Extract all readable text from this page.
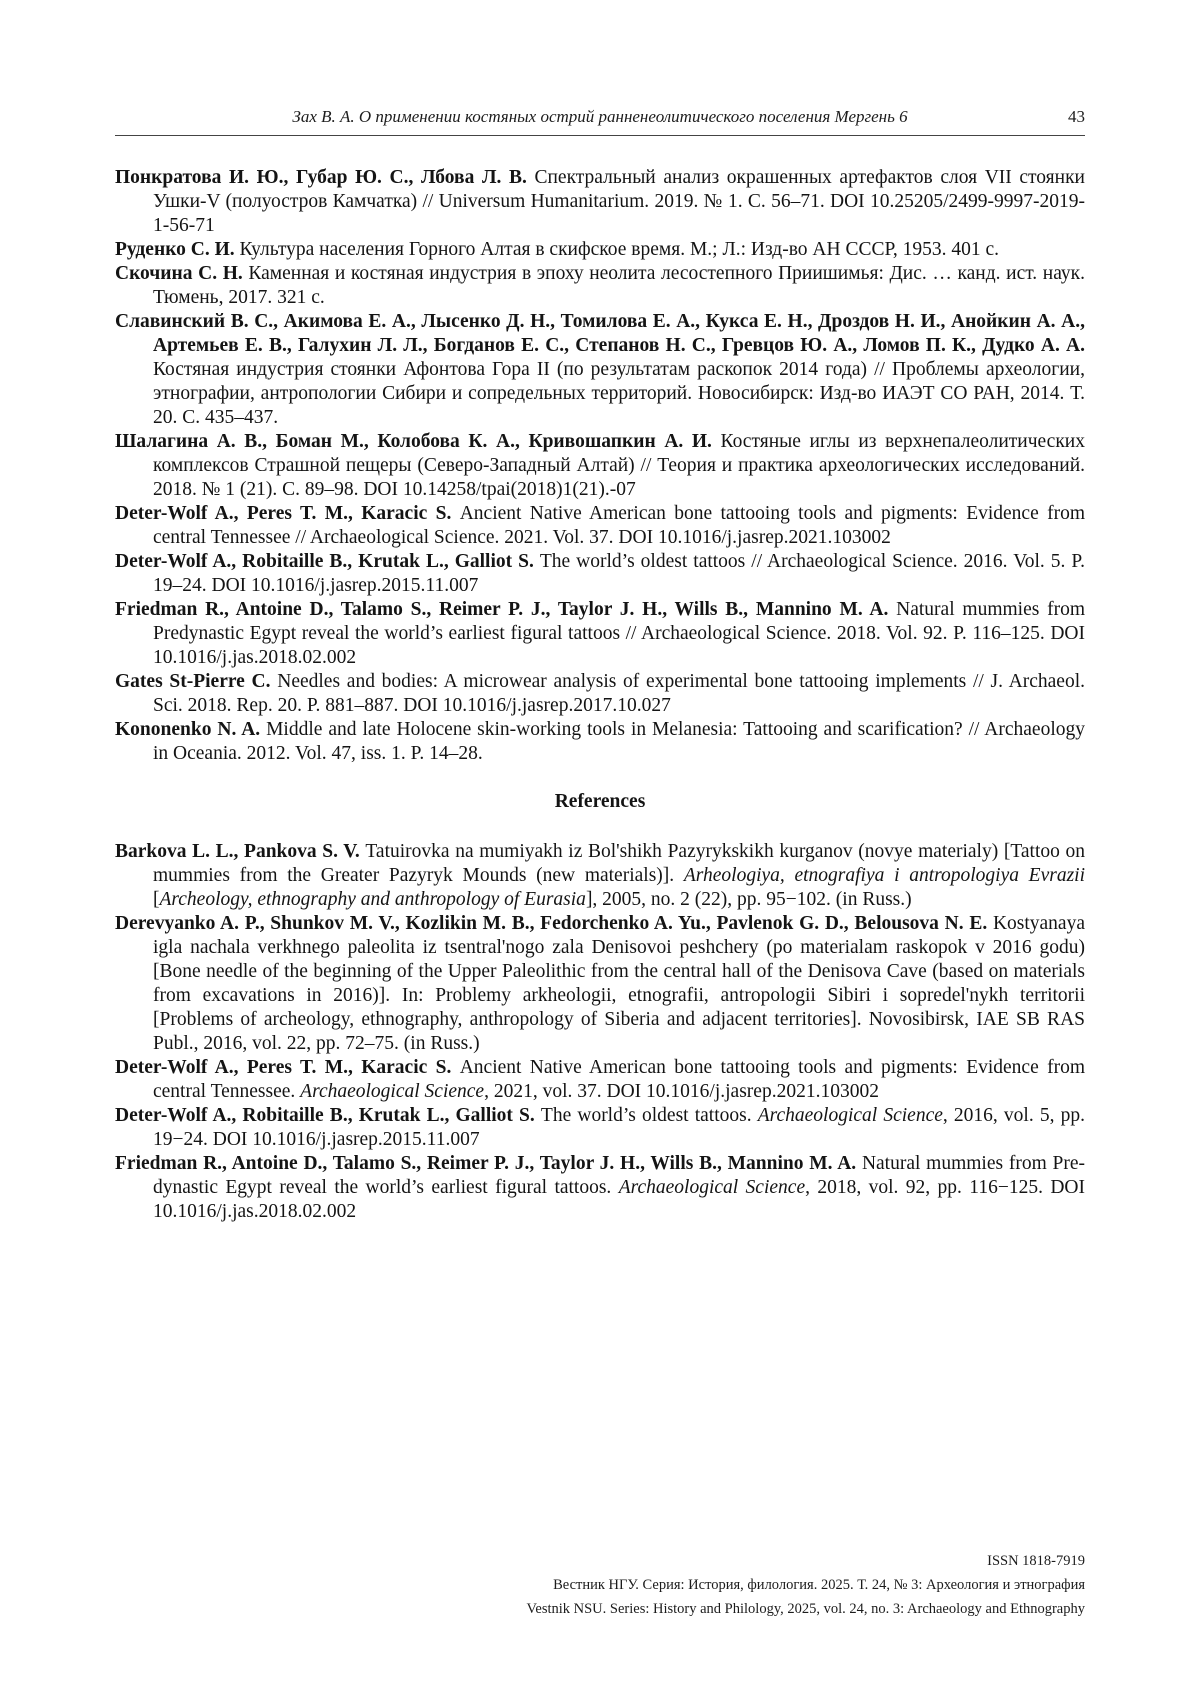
Зах В. А. О применении костяных острий ранненеолитического поселения Мергень 6	43

Понкратова И. Ю., Губар Ю. С., Лбова Л. В. Спектральный анализ окрашенных артефактов слоя VII стоянки Ушки-V (полуостров Камчатка) // Universum Humanitarium. 2019. № 1. С. 56–71. DOI 10.25205/2499-9997-2019-1-56-71

Руденко С. И. Культура населения Горного Алтая в скифское время. М.; Л.: Изд-во АН СССР, 1953. 401 с.

Скочина С. Н. Каменная и костяная индустрия в эпоху неолита лесостепного Приишимья: Дис. … канд. ист. наук. Тюмень, 2017. 321 с.

Славинский В. С., Акимова Е. А., Лысенко Д. Н., Томилова Е. А., Кукса Е. Н., Дроздов Н. И., Анойкин А. А., Артемьев Е. В., Галухин Л. Л., Богданов Е. С., Степанов Н. С., Гревцов Ю. А., Ломов П. К., Дудко А. А. Костяная индустрия стоянки Афонтова Гора II (по результатам раскопок 2014 года) // Проблемы археологии, этнографии, антропологии Сибири и сопредельных территорий. Новосибирск: Изд-во ИАЭТ СО РАН, 2014. Т. 20. С. 435–437.

Шалагина А. В., Боман М., Колобова К. А., Кривошапкин А. И. Костяные иглы из верхнепалеолитических комплексов Страшной пещеры (Северо-Западный Алтай) // Теория и практика археологических исследований. 2018. № 1 (21). С. 89–98. DOI 10.14258/tpai(2018)1(21).-07

Deter-Wolf A., Peres T. M., Karacic S. Ancient Native American bone tattooing tools and pigments: Evidence from central Tennessee // Archaeological Science. 2021. Vol. 37. DOI 10.1016/j.jasrep.2021.103002

Deter-Wolf A., Robitaille B., Krutak L., Galliot S. The world’s oldest tattoos // Archaeological Science. 2016. Vol. 5. P. 19–24. DOI 10.1016/j.jasrep.2015.11.007

Friedman R., Antoine D., Talamo S., Reimer P. J., Taylor J. H., Wills B., Mannino M. A. Natural mummies from Predynastic Egypt reveal the world’s earliest figural tattoos // Archaeological Science. 2018. Vol. 92. P. 116–125. DOI 10.1016/j.jas.2018.02.002

Gates St-Pierre C. Needles and bodies: A microwear analysis of experimental bone tattooing implements // J. Archaeol. Sci. 2018. Rep. 20. P. 881–887. DOI 10.1016/j.jasrep.2017.10.027

Kononenko N. A. Middle and late Holocene skin-working tools in Melanesia: Tattooing and scarification? // Archaeology in Oceania. 2012. Vol. 47, iss. 1. P. 14–28.

References

Barkova L. L., Pankova S. V. Tatuirovka na mumiyakh iz Bol'shikh Pazyrykskikh kurganov (novye materialy) [Tattoo on mummies from the Greater Pazyryk Mounds (new materials)]. Arheologiya, etnografiya i antropologiya Evrazii [Archeology, ethnography and anthropology of Eurasia], 2005, no. 2 (22), pp. 95−102. (in Russ.)

Derevyanko A. P., Shunkov M. V., Kozlikin M. B., Fedorchenko A. Yu., Pavlenok G. D., Belousova N. E. Kostyanaya igla nachala verkhnego paleolita iz tsentral'nogo zala Denisovoi peshchery (po materialam raskopok v 2016 godu) [Bone needle of the beginning of the Upper Paleolithic from the central hall of the Denisova Cave (based on materials from excavations in 2016)]. In: Problemy arkheologii, etnografii, antropologii Sibiri i sopredel'nykh territorii [Problems of archeology, ethnography, anthropology of Siberia and adjacent territories]. Novosibirsk, IAE SB RAS Publ., 2016, vol. 22, pp. 72–75. (in Russ.)

Deter-Wolf A., Peres T. M., Karacic S. Ancient Native American bone tattooing tools and pigments: Evidence from central Tennessee. Archaeological Science, 2021, vol. 37. DOI 10.1016/j.jasrep.2021.103002

Deter-Wolf A., Robitaille B., Krutak L., Galliot S. The world’s oldest tattoos. Archaeological Science, 2016, vol. 5, pp. 19−24. DOI 10.1016/j.jasrep.2015.11.007

Friedman R., Antoine D., Talamo S., Reimer P. J., Taylor J. H., Wills B., Mannino M. A. Natural mummies from Pre-dynastic Egypt reveal the world’s earliest figural tattoos. Archaeological Science, 2018, vol. 92, pp. 116−125. DOI 10.1016/j.jas.2018.02.002

ISSN 1818-7919
Вестник НГУ. Серия: История, филология. 2025. Т. 24, № 3: Археология и этнография
Vestnik NSU. Series: History and Philology, 2025, vol. 24, no. 3: Archaeology and Ethnography
